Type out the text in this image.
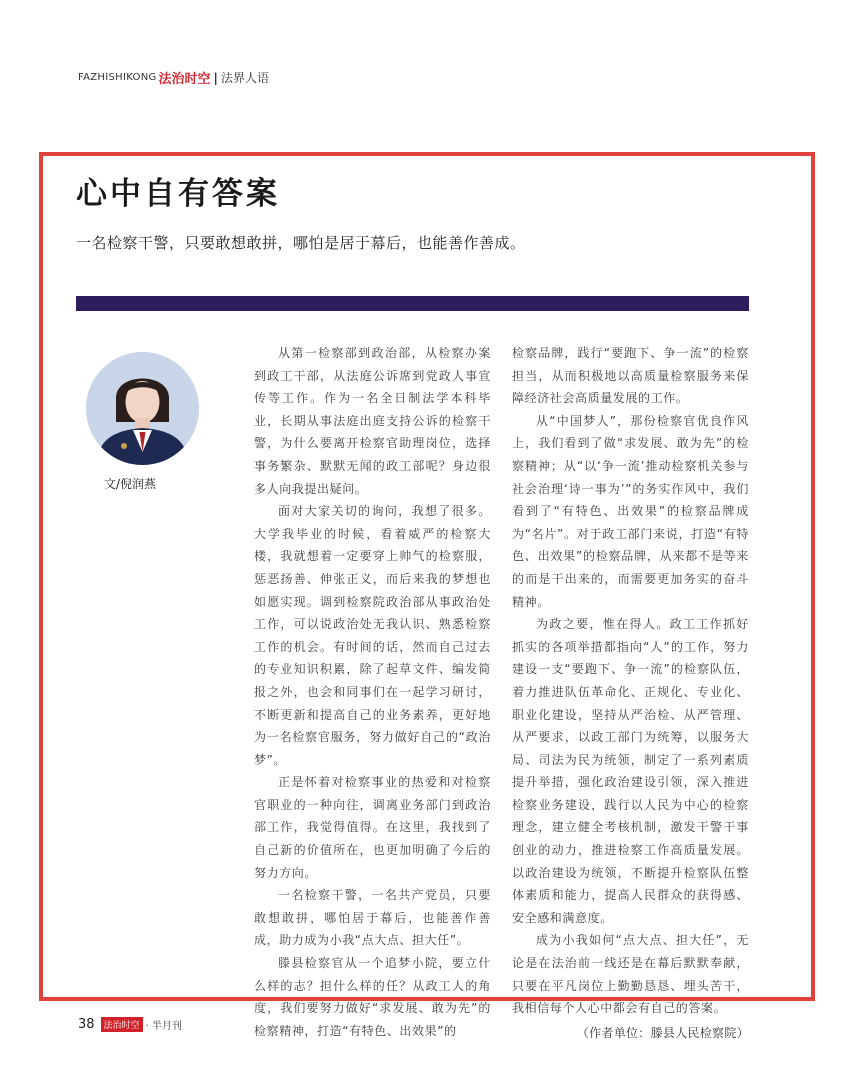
FAZHISHIKONG 法治时空 | 法界人语
心中自有答案
一名检察干警，只要敢想敢拼，哪怕是居于幕后，也能善作善成。
文/倪润燕

从第一检察部到政治部，从检察办案到政工干部，从法庭公诉席到党政人事宣传等工作。作为一名全日制法学本科毕业，长期从事法庭出庭支持公诉的检察干警，为什么要离开检察官助理岗位，选择事务繁杂、默默无闻的政工部呢？身边很多人向我提出疑问。

面对大家关切的询问，我想了很多。大学我毕业的时候，看着威严的检察大楼，我就想着一定要穿上帅气的检察服，惩恶扬善、伸张正义，而后来我的梦想也如愿实现。调到检察院政治部从事政治处工作，可以说政治处无我认识、熟悉检察工作的机会。有时间的话，然而自己过去的专业知识积累，除了起草文件、编发简报之外，也会和同事们在一起学习研讨，不断更新和提高自己的业务素养，更好地为一名检察官服务，努力做好自己的“政治梦”。

正是怀着对检察事业的热爱和对检察官职业的一种向往，调离业务部门到政治部工作，我觉得值得。在这里，我找到了自己新的价值所在，也更加明确了今后的努力方向。

一名检察干警，一名共产党员，只要敢想敢拼，哪怕居于幕后，也能善作善成，助力成为小我“点大点、担大任”。

滕县检察官从一个追梦小院，要立什么样的志？担什么样的任？从政工人的角度，我们要努力做好“求发展、敢为先”的检察精神，打造“有特色、出效果”的

检察品牌，践行“要跑下、争一流”的检察担当，从而积极地以高质量检察服务来保障经济社会高质量发展的工作。

从“中国梦人”，那份检察官优良作风上，我们看到了做“求发展、敢为先”的检察精神；从“以‘争一流’推动检察机关参与社会治理‘诗一事为’”的务实作风中，我们看到了“有特色、出效果”的检察品牌成为“名片”。对于政工部门来说，打造“有特色、出效果”的检察品牌，从来都不是等来的而是干出来的，而需要更加务实的奋斗精神。

为政之要，惟在得人。政工工作抓好抓实的各项举措都指向“人”的工作，努力建设一支“要跑下、争一流”的检察队伍，着力推进队伍革命化、正规化、专业化、职业化建设，坚持从严治检、从严管理、从严要求，以政工部门为统筹，以服务大局、司法为民为统领，制定了一系列素质提升举措，强化政治建设引领，深入推进检察业务建设，践行以人民为中心的检察理念，建立健全考核机制，激发干警干事创业的动力，推进检察工作高质量发展。以政治建设为统领，不断提升检察队伍整体素质和能力，提高人民群众的获得感、安全感和满意度。

成为小我如何“点大点、担大任”，无论是在法治前一线还是在幕后默默奉献，只要在平凡岗位上勤勤恳恳、埋头苦干，我相信每个人心中都会有自己的答案。

（作者单位：滕县人民检察院）
38	法治时空 · 半月刊
